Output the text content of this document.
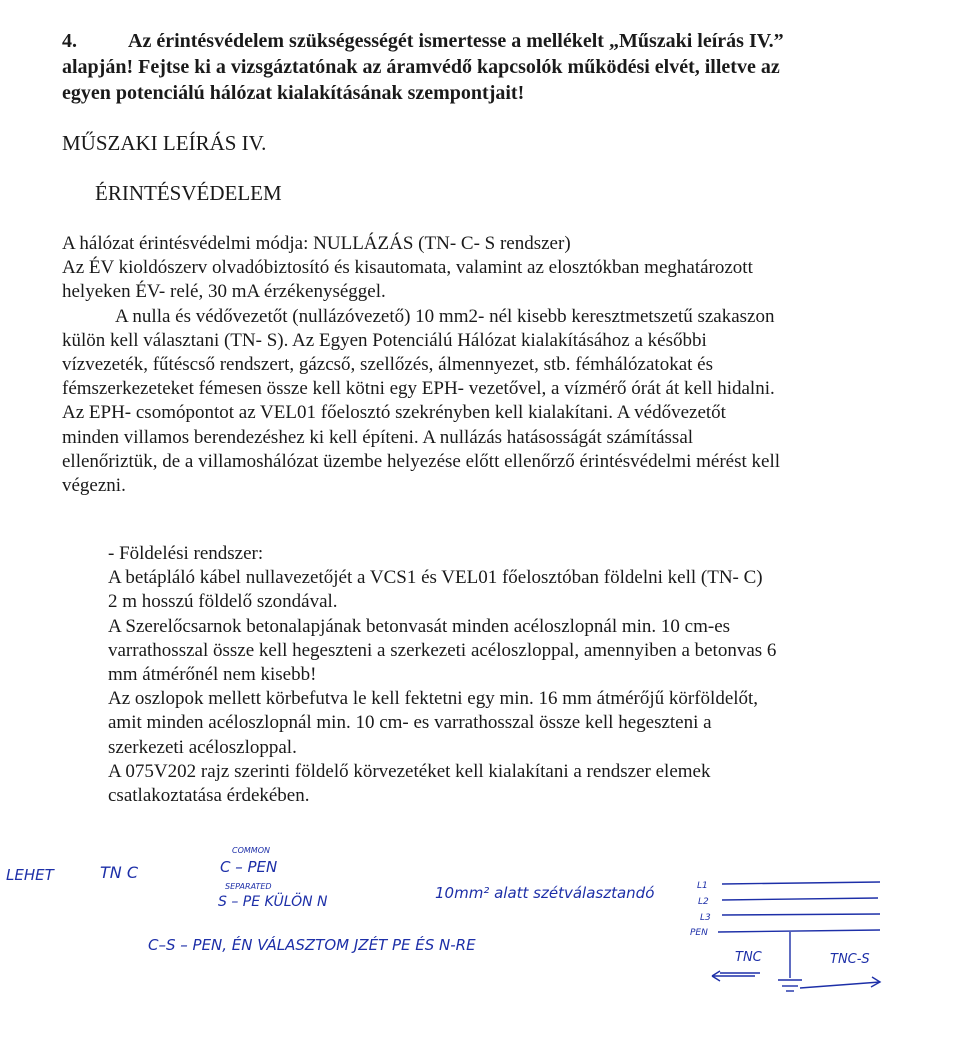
4.	Az érintésvédelem szükségességét ismertesse a mellékelt „Műszaki leírás IV.”
alapján! Fejtse ki a vizsgáztatónak az áramvédő kapcsolók működési elvét, illetve az
egyen potenciálú hálózat kialakításának szempontjait!
MŰSZAKI LEÍRÁS IV.
ÉRINTÉSVÉDELEM

A hálózat érintésvédelmi módja: NULLÁZÁS (TN- C- S rendszer)

Az ÉV kioldószerv olvadóbiztosító és kisautomata, valamint az elosztókban meghatározott

helyeken ÉV- relé, 30 mA érzékenységgel.

A nulla és védővezetőt (nullázóvezető) 10 mm2- nél kisebb keresztmetszetű szakaszon

külön kell választani (TN- S). Az Egyen Potenciálú Hálózat kialakításához a későbbi

vízvezeték, fűtéscső rendszert, gázcső, szellőzés, álmennyezet, stb. fémhálózatokat és

fémszerkezeteket fémesen össze kell kötni egy EPH- vezetővel, a vízmérő órát át kell hidalni.

Az EPH- csomópontot az VEL01 főelosztó szekrényben kell kialakítani. A védővezetőt

minden villamos berendezéshez ki kell építeni. A nullázás hatásosságát számítással

ellenőriztük, de a villamoshálózat üzembe helyezése előtt ellenőrző érintésvédelmi mérést kell

végezni.

- Földelési rendszer:

A betápláló kábel nullavezetőjét a VCS1 és VEL01 főelosztóban földelni kell (TN- C)

2 m hosszú földelő szondával.

A Szerelőcsarnok betonalapjának betonvasát minden acéloszlopnál min. 10 cm-es

varrathosszal össze kell hegeszteni a szerkezeti acéloszloppal, amennyiben a betonvas 6

mm átmérőnél nem kisebb!

Az oszlopok mellett körbefutva le kell fektetni egy min. 16 mm átmérőjű körföldelőt,

amit minden acéloszlopnál min. 10 cm- es varrathosszal össze kell hegeszteni a

szerkezeti acéloszloppal.

A 075V202 rajz szerinti földelő körvezetéket kell kialakítani a rendszer elemek

csatlakoztatása érdekében.

LEHET	TN C
COMMON
C – PEN
SEPARATED
S – PE KÜLÖN N	10mm² alatt szétválasztandó
C–S – PEN, ÉN VÁLASZTOM JZÉT PE ÉS N-RE
L1
L2
L3
PEN
TNC	TNC-S
